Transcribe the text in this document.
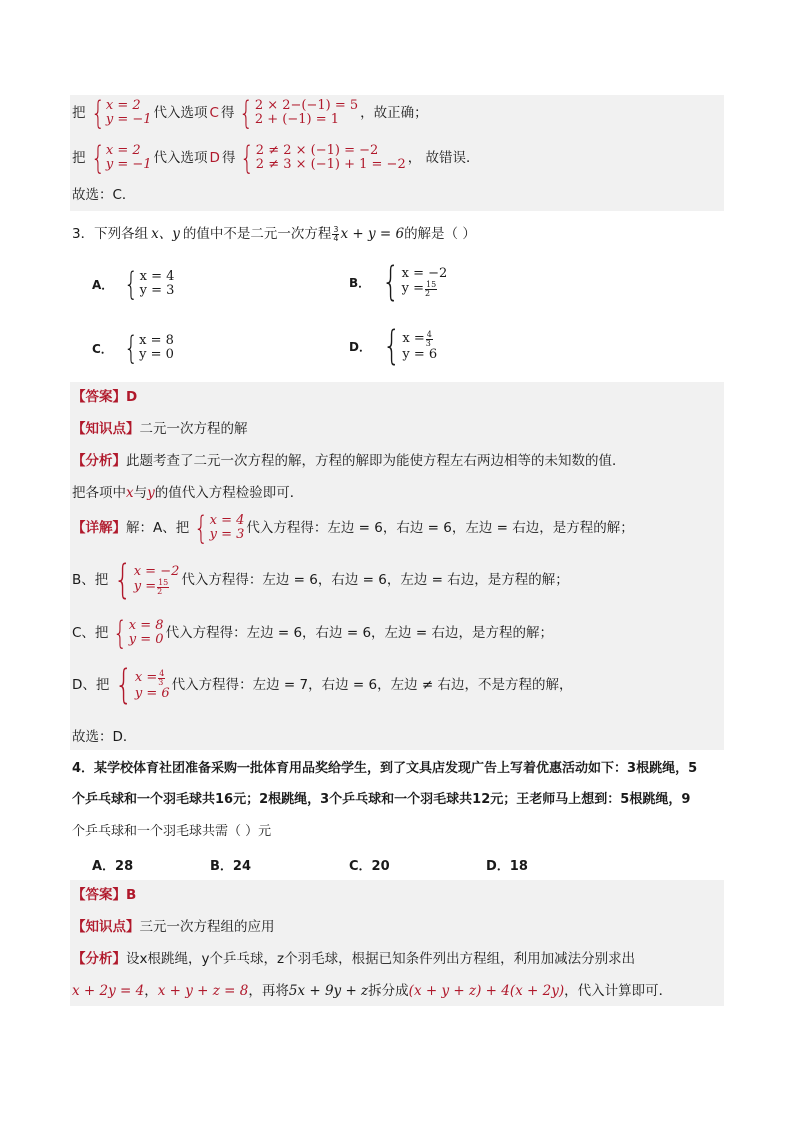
把 { x = 2
y = −1 代入选项 C 得 { 2 × 2−(−1) = 5
2 + (−1) = 1	，故正确；
把 { x = 2
y = −1 代入选项 D 得 { 2 ≠ 2 × (−1) = −2
2 ≠ 3 × (−1) + 1 = −2 ， 故错误．
故选：C．
3．下列各组 x、y 的值中不是二元一次方程 $\frac{3}{4}$ x + y = 6 的解是（ ）
A． { x = 4
y = 3
B． { x = −2
$y = \frac{15}{2}$
C． { x = 8
y = 0
D． { $x = \frac{4}{3}$
y = 6
【答案】 D
【知识点】 二元一次方程的解
【分析】 此题考查了二元一次方程的解，方程的解即为能使方程左右两边相等的未知数的值．
把各项中 x 与 y 的值代入方程检验即可．
【详解】 解：A、把 { x = 4
y = 3 代入方程得：左边 = 6，右边 = 6，左边 = 右边，是方程的解；
B、把 { x = −2
$y = \frac{15}{2}$ 代入方程得：左边 = 6，右边 = 6，左边 = 右边，是方程的解；
C、把 { x = 8
y = 0 代入方程得：左边 = 6，右边 = 6，左边 = 右边，是方程的解；
D、把 { $x = \frac{4}{3}$
y = 6 代入方程得：左边 = 7，右边 = 6，左边 ≠ 右边，不是方程的解，
故选：D．
4．某学校体育社团准备采购一批体育用品奖给学生，到了文具店发现广告上写着优惠活动如下：3根跳绳，5
个乒乓球和一个羽毛球共16元；2根跳绳，3个乒乓球和一个羽毛球共12元；王老师马上想到：5根跳绳，9
个乒乓球和一个羽毛球共需（ ）元
A．28	B．24	C．20	D．18
【答案】 B
【知识点】 三元一次方程组的应用
【分析】 设x根跳绳，y个乒乓球，z个羽毛球，根据已知条件列出方程组，利用加减法分别求出
x + 2y = 4 ， x + y + z = 8 ，再将 5x + 9y + z 拆分成 (x + y + z) + 4(x + 2y) ，代入计算即可．
